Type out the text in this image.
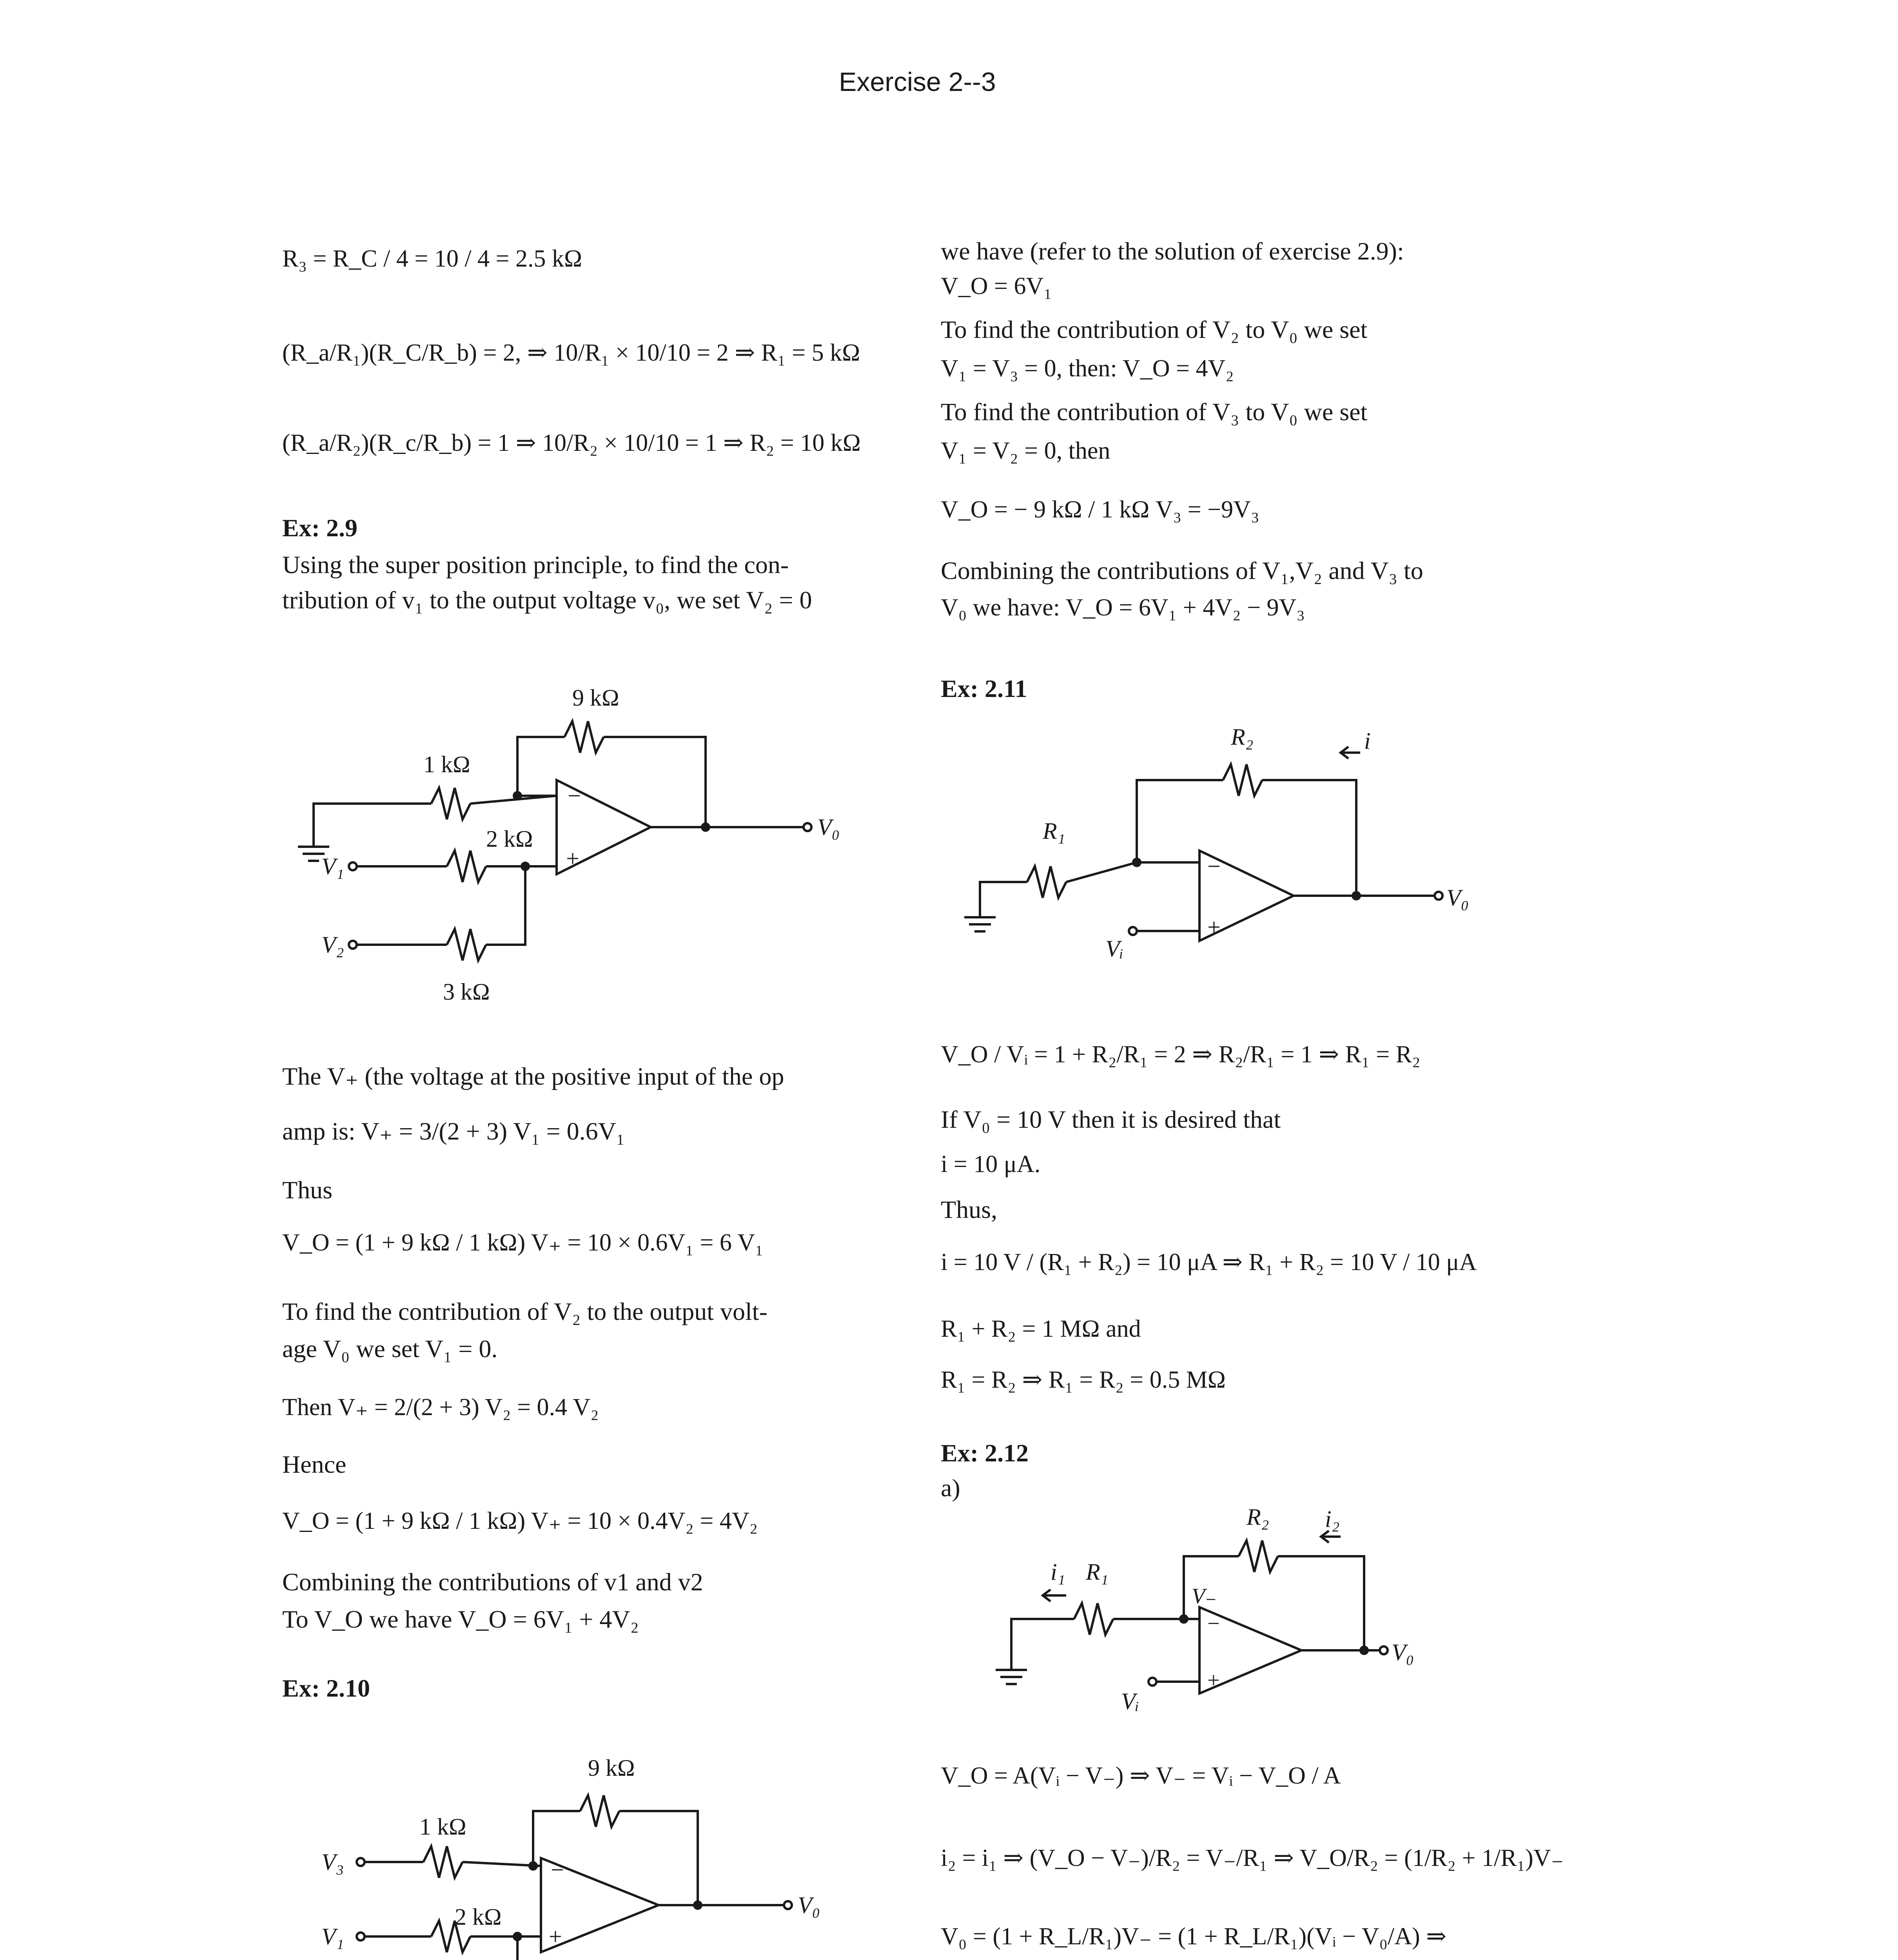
Exercise 2--3
R₃ = R_C / 4 = 10 / 4 = 2.5 kΩ
(R_a/R₁)(R_C/R_b) = 2, ⇒ 10/R₁ × 10/10 = 2 ⇒ R₁ = 5 kΩ
(R_a/R₂)(R_c/R_b) = 1 ⇒ 10/R₂ × 10/10 = 1 ⇒ R₂ = 10 kΩ
Ex: 2.9
Using the super position principle, to find the con-
tribution of v₁ to the output voltage v₀, we set V₂ = 0
−
+
9 kΩ
1 kΩ
2 kΩ
3 kΩ
V₁
V₂
V₀
The V₊ (the voltage at the positive input of the op
amp is: V₊ = 3/(2 + 3) V₁ = 0.6V₁
Thus
V_O = (1 + 9 kΩ / 1 kΩ) V₊ = 10 × 0.6V₁ = 6 V₁
To find the contribution of V₂ to the output volt-
age V₀ we set V₁ = 0.
Then V₊ = 2/(2 + 3) V₂ = 0.4 V₂
Hence
V_O = (1 + 9 kΩ / 1 kΩ) V₊ = 10 × 0.4V₂ = 4V₂
Combining the contributions of v1 and v2
To V_O we have V_O = 6V₁ + 4V₂
Ex: 2.10
−
+
9 kΩ
1 kΩ
2 kΩ
V₃
V₁
V₀
we have (refer to the solution of exercise 2.9):
V_O = 6V₁
To find the contribution of V₂ to V₀ we set
V₁ = V₃ = 0, then: V_O = 4V₂
To find the contribution of V₃ to V₀ we set
V₁ = V₂ = 0, then
V_O = − 9 kΩ / 1 kΩ V₃ = −9V₃
Combining the contributions of V₁,V₂ and V₃ to
V₀ we have: V_O = 6V₁ + 4V₂ − 9V₃
Ex: 2.11
−
+
R₂
R₁
i
Vᵢ
V₀
V_O / Vᵢ = 1 + R₂/R₁ = 2 ⇒ R₂/R₁ = 1 ⇒ R₁ = R₂
If V₀ = 10 V then it is desired that
i = 10 μA.
Thus,
i = 10 V / (R₁ + R₂) = 10 μA ⇒ R₁ + R₂ = 10 V / 10 μA
R₁ + R₂ = 1 MΩ and
R₁ = R₂ ⇒ R₁ = R₂ = 0.5 MΩ
Ex: 2.12
a)
−
+
R₂ i₂
i₁ R₁
V₋
Vᵢ
V₀
V_O = A(Vᵢ − V₋) ⇒ V₋ = Vᵢ − V_O / A
i₂ = i₁ ⇒ (V_O − V₋)/R₂ = V₋/R₁ ⇒ V_O/R₂ = (1/R₂ + 1/R₁)V₋
V₀ = (1 + R_L/R₁)V₋ = (1 + R_L/R₁)(Vᵢ − V₀/A) ⇒
